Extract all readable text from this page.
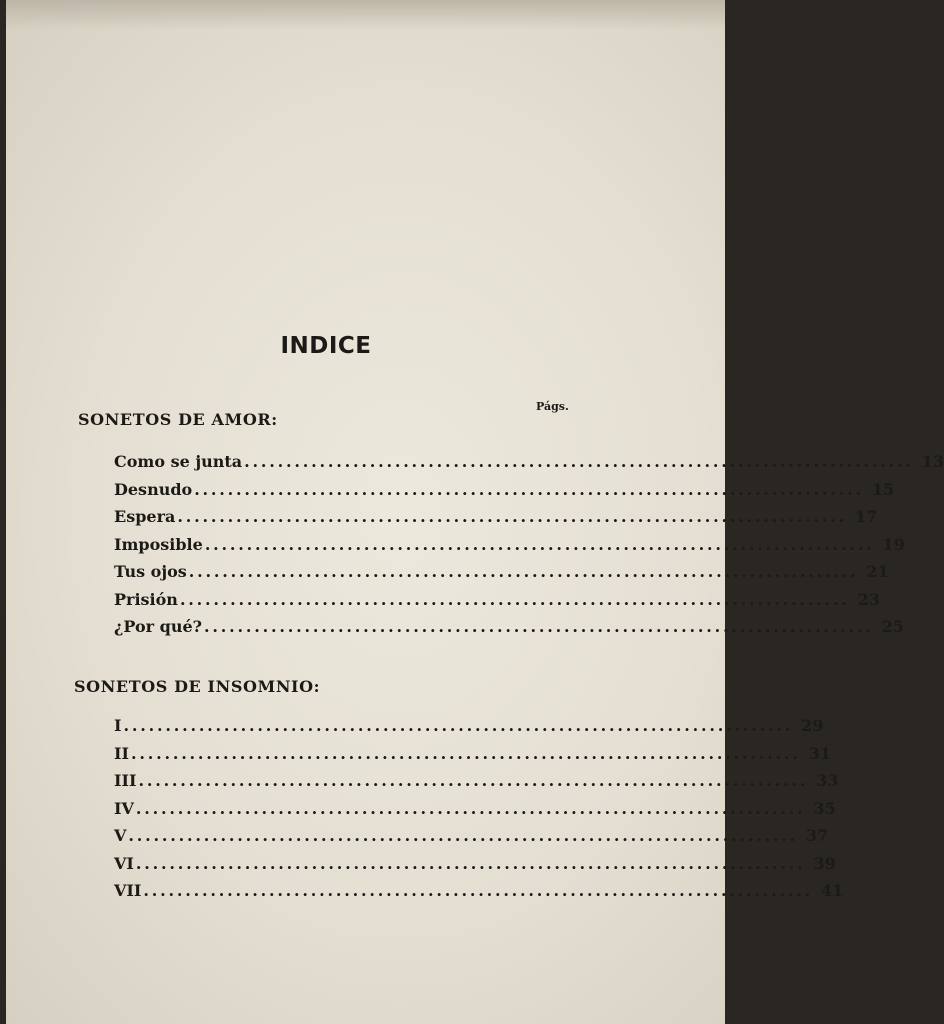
INDICE
Págs.
SONETOS DE AMOR:
Como se junta ................................................................................ 13
Desnudo ................................................................................ 15
Espera ................................................................................ 17
Imposible ................................................................................ 19
Tus ojos ................................................................................ 21
Prisión ................................................................................ 23
¿Por qué? ................................................................................ 25
SONETOS DE INSOMNIO:
I ................................................................................ 29
II ................................................................................ 31
III ................................................................................ 33
IV ................................................................................ 35
V ................................................................................ 37
VI ................................................................................ 39
VII ................................................................................ 41
